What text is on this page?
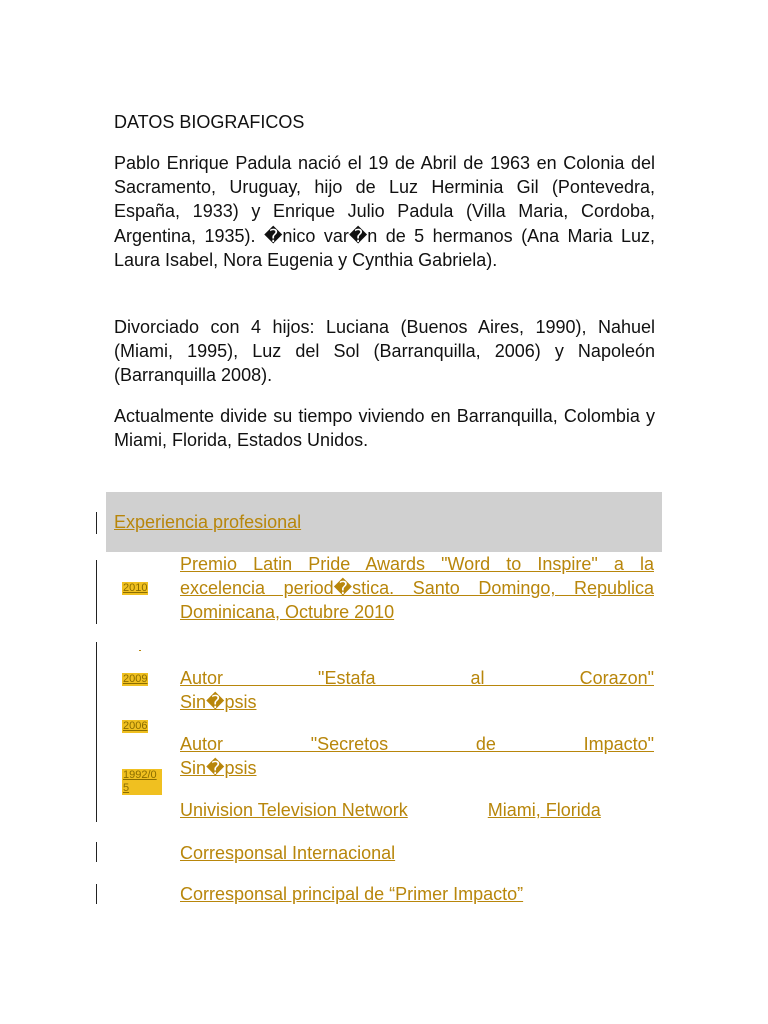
DATOS BIOGRAFICOS
Pablo Enrique Padula nació el 19 de Abril de 1963 en Colonia del Sacramento, Uruguay, hijo de Luz Herminia Gil (Pontevedra, España, 1933) y Enrique Julio Padula (Villa Maria, Cordoba, Argentina, 1935). �nico var�n de 5 hermanos (Ana Maria Luz, Laura Isabel, Nora Eugenia y Cynthia Gabriela).
Divorciado con 4 hijos: Luciana (Buenos Aires, 1990), Nahuel (Miami, 1995), Luz del Sol (Barranquilla, 2006) y Napoleón (Barranquilla 2008).
Actualmente divide su tiempo viviendo en Barranquilla, Colombia y Miami, Florida, Estados Unidos.
Experiencia profesional
2010
2009
2006
1992/05
Premio Latin Pride Awards "Word to Inspire" a la excelencia period�stica. Santo Domingo, Republica Dominicana, Octubre 2010
Autor "Estafa al Corazon"
Sin�psis
Autor "Secretos de Impacto"
Sin�psis
Univision Television Network	Miami, Florida
Corresponsal Internacional
Corresponsal principal de “Primer Impacto”
